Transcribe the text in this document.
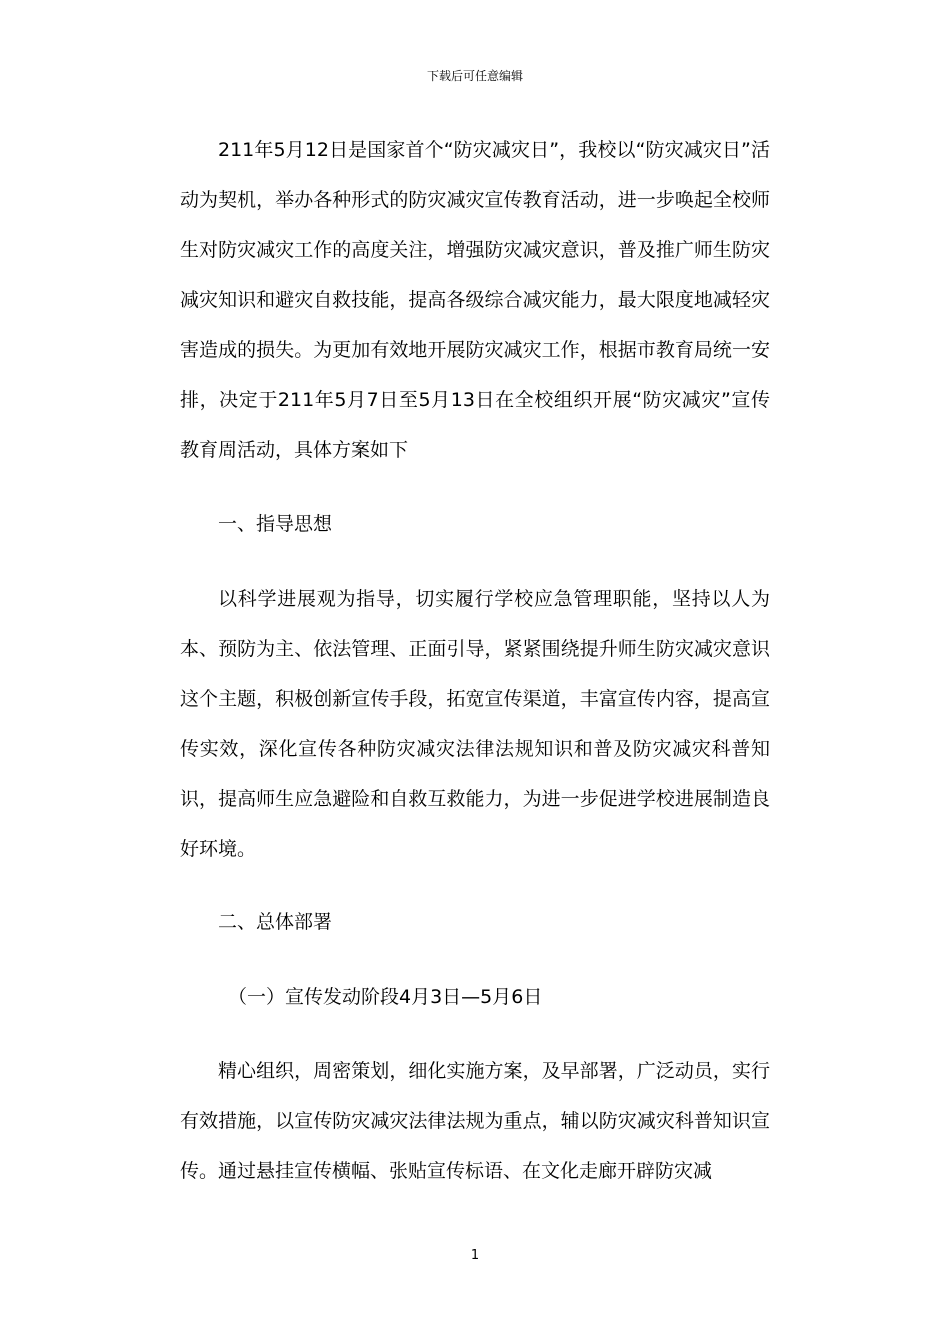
下载后可任意编辑

211年5月12日是国家首个“防灾减灾日”，我校以“防灾减灾日”活动为契机，举办各种形式的防灾减灾宣传教育活动，进一步唤起全校师生对防灾减灾工作的高度关注，增强防灾减灾意识，普及推广师生防灾减灾知识和避灾自救技能，提高各级综合减灾能力，最大限度地减轻灾害造成的损失。为更加有效地开展防灾减灾工作，根据市教育局统一安排，决定于211年5月7日至5月13日在全校组织开展“防灾减灾”宣传教育周活动，具体方案如下

一、指导思想

以科学进展观为指导，切实履行学校应急管理职能，坚持以人为本、预防为主、依法管理、正面引导，紧紧围绕提升师生防灾减灾意识这个主题，积极创新宣传手段，拓宽宣传渠道，丰富宣传内容，提高宣传实效，深化宣传各种防灾减灾法律法规知识和普及防灾减灾科普知识，提高师生应急避险和自救互救能力，为进一步促进学校进展制造良好环境。

二、总体部署
（一）宣传发动阶段4月3日—5月6日

精心组织，周密策划，细化实施方案，及早部署，广泛动员，实行有效措施，以宣传防灾减灾法律法规为重点，辅以防灾减灾科普知识宣传。通过悬挂宣传横幅、张贴宣传标语、在文化走廊开辟防灾减

1
